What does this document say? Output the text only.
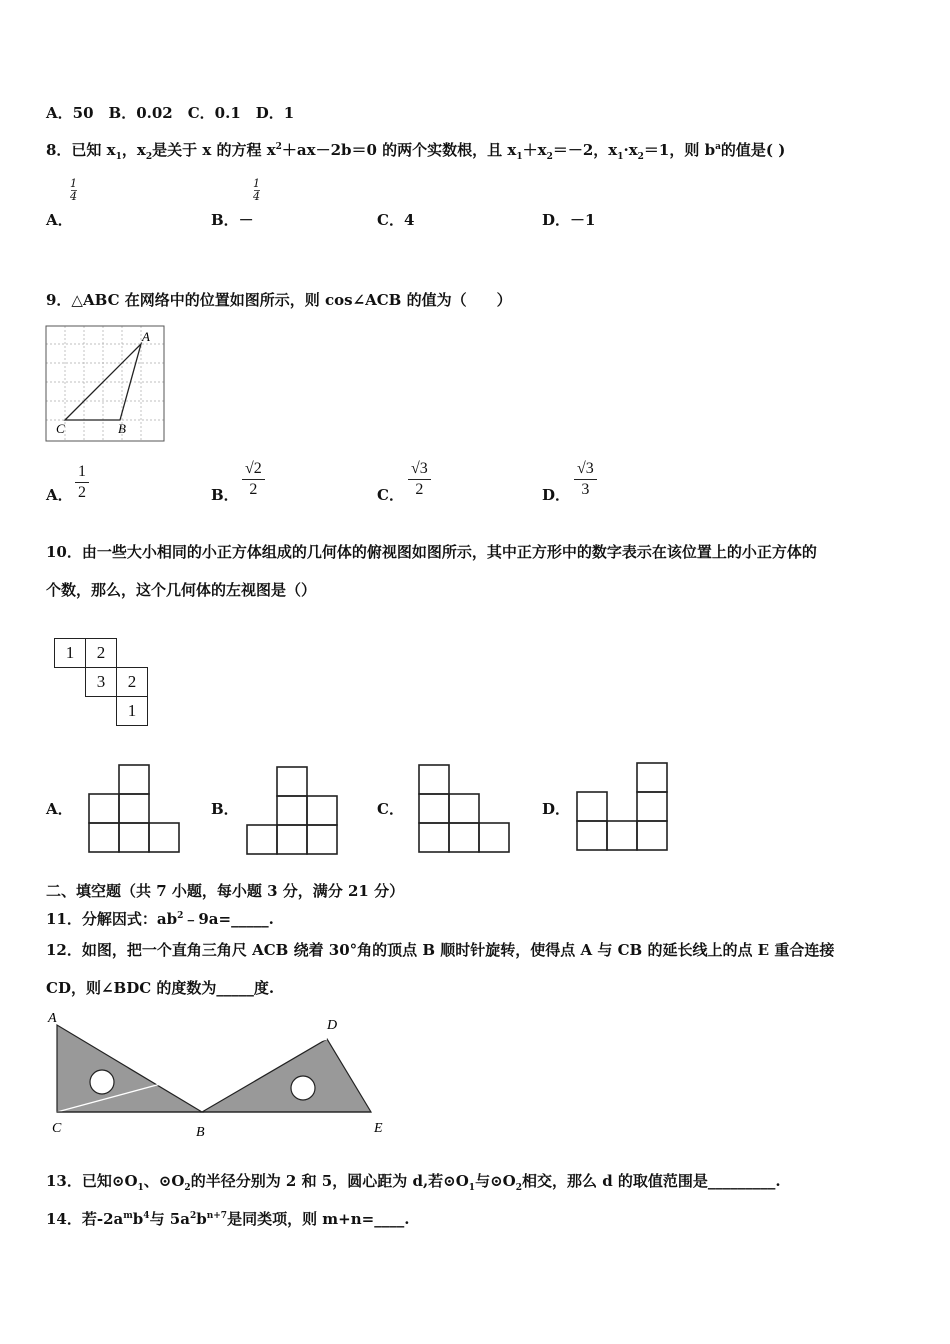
A．50　B．0.02　C．0.1　D．1
8．已知 $x_1$，$x_2$是关于 x 的方程 $x^2+ax-2b=0$ 的两个实数根，且 $x_1+x_2=-2$，$x_1\cdot x_2=1$，则 $b^a$的值是( )
1
4
A．
1
4
B．－	C．4	D．－1
9．△ABC 在网络中的位置如图所示，则 cos∠ACB 的值为（　　）
A
C	B
A．
1
2	B．
√2
2	C．
√3
2	D．
√3
3
10．由一些大小相同的小正方体组成的几何体的俯视图如图所示，其中正方形中的数字表示在该位置上的小正方体的
个数，那么，这个几何体的左视图是（）
1	2
3	2
1
A．	B．	C．	D．
二、填空题（共 7 小题，每小题 3 分，满分 21 分）
11．分解因式：$ab^2﹣9a=\_\_\_\_\_$.
12．如图，把一个直角三角尺 ACB 绕着 30°角的顶点 B 顺时针旋转，使得点 A 与 CB 的延长线上的点 E 重合连接
CD，则∠BDC 的度数为_____度.
A
C	B
D
E
13．已知$⊙O_1$、$⊙O_2$的半径分别为 2 和 5，圆心距为 d,若$⊙O_1$与$⊙O_2$相交，那么 d 的取值范围是_________.
14．若$-2a^mb^4$与 $5a^2b^{n+7}$是同类项，则 m+n=____.
